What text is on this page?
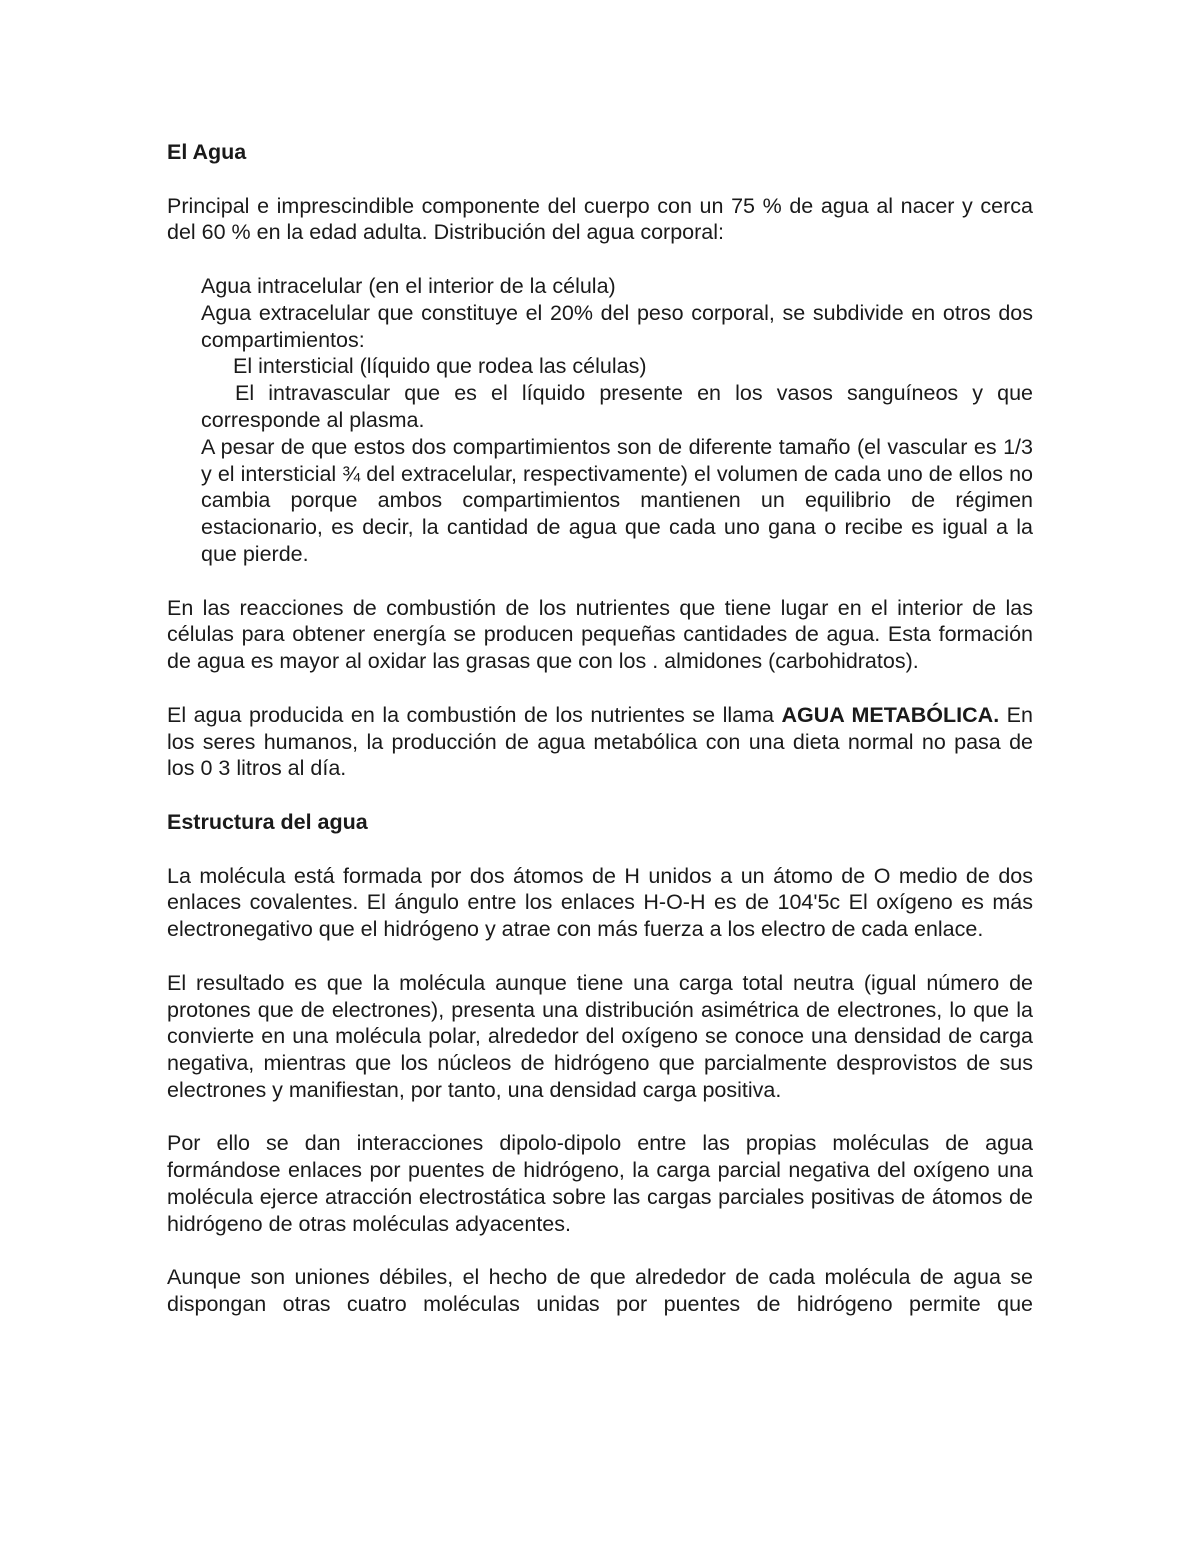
El Agua

Principal e imprescindible componente del cuerpo con un 75 % de agua al nacer y cerca del 60 % en la edad adulta. Distribución del agua corporal:

Agua intracelular (en el interior de la célula)

Agua extracelular que constituye el 20% del peso corporal, se subdivide en otros dos compartimientos:

El intersticial (líquido que rodea las células)

El intravascular que es el líquido presente en los vasos sanguíneos y que corresponde al plasma.

A pesar de que estos dos compartimientos son de diferente tamaño (el vascular es 1/3 y el intersticial ¾ del extracelular, respectivamente) el volumen de cada uno de ellos no cambia porque ambos compartimientos mantienen un equilibrio de régimen estacionario, es decir, la cantidad de agua que cada uno gana o recibe es igual a la que pierde.

En las reacciones de combustión de los nutrientes que tiene lugar en el interior de las células para obtener energía se producen pequeñas cantidades de agua. Esta formación de agua es mayor al oxidar las grasas que con los . almidones (carbohidratos).

El agua producida en la combustión de los nutrientes se llama AGUA METABÓLICA. En los seres humanos, la producción de agua metabólica con una dieta normal no pasa de los 0 3 litros al día.

Estructura del agua

La molécula está formada por dos átomos de H unidos a un átomo de O medio de dos enlaces covalentes. El ángulo entre los enlaces H-O-H es de 104'5c El oxígeno es más electronegativo que el hidrógeno y atrae con más fuerza a los electro de cada enlace.

El resultado es que la molécula aunque tiene una carga total neutra (igual número de protones que de electrones), presenta una distribución asimétrica de electrones, lo que la convierte en una molécula polar, alrededor del oxígeno se conoce una densidad de carga negativa, mientras que los núcleos de hidrógeno que parcialmente desprovistos de sus electrones y manifiestan, por tanto, una densidad carga positiva.

Por ello se dan interacciones dipolo-dipolo entre las propias moléculas de agua formándose enlaces por puentes de hidrógeno, la carga parcial negativa del oxígeno una molécula ejerce atracción electrostática sobre las cargas parciales positivas de átomos de hidrógeno de otras moléculas adyacentes.

Aunque son uniones débiles, el hecho de que alrededor de cada molécula de agua se dispongan otras cuatro moléculas unidas por puentes de hidrógeno permite que
